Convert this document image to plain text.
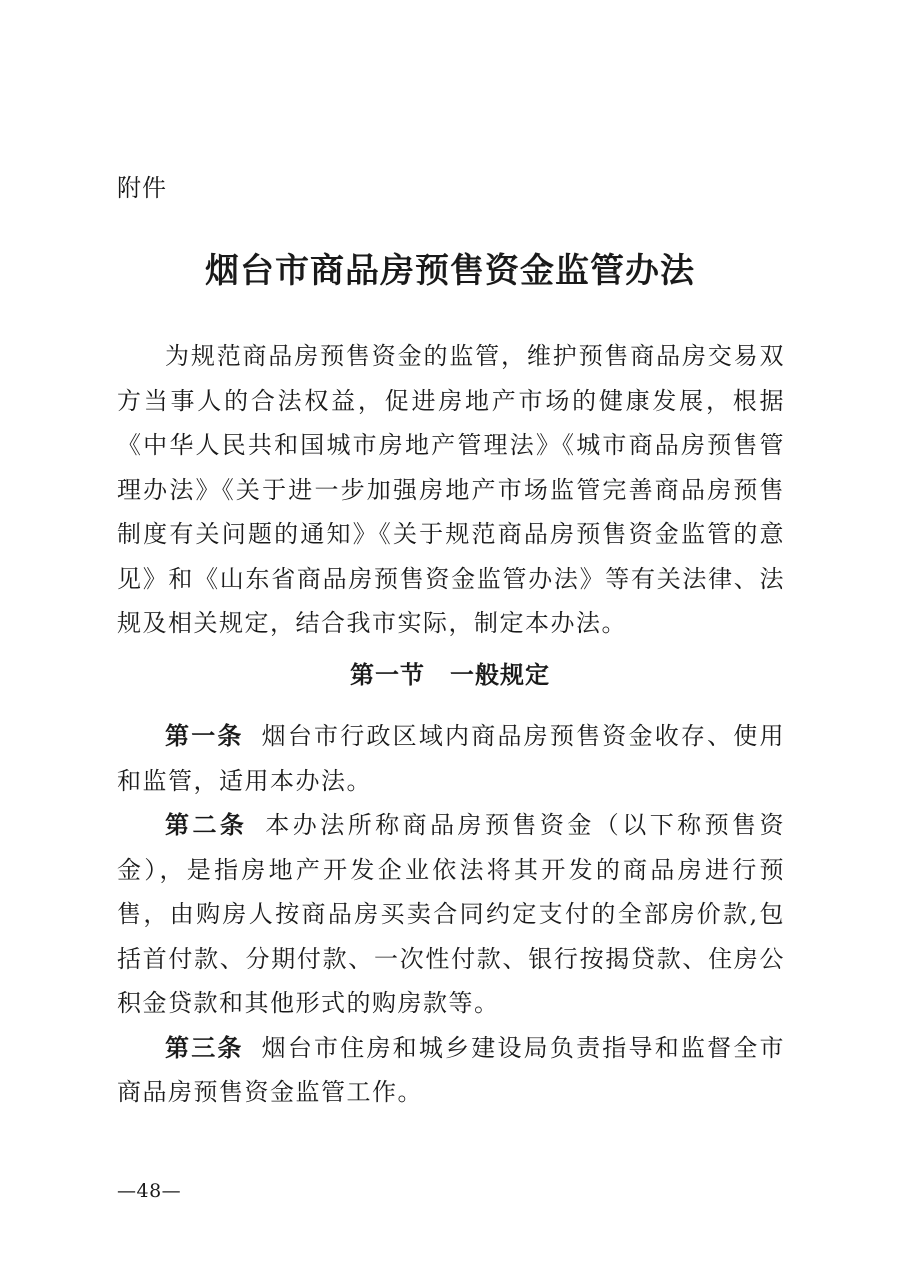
附件
烟台市商品房预售资金监管办法
为规范商品房预售资金的监管，维护预售商品房交易双方当事人的合法权益，促进房地产市场的健康发展，根据《中华人民共和国城市房地产管理法》《城市商品房预售管理办法》《关于进一步加强房地产市场监管完善商品房预售制度有关问题的通知》《关于规范商品房预售资金监管的意见》和《山东省商品房预售资金监管办法》等有关法律、法规及相关规定，结合我市实际，制定本办法。
第一节　一般规定

第一条 烟台市行政区域内商品房预售资金收存、使用和监管，适用本办法。

第二条 本办法所称商品房预售资金（以下称预售资金），是指房地产开发企业依法将其开发的商品房进行预售，由购房人按商品房买卖合同约定支付的全部房价款,包括首付款、分期付款、一次性付款、银行按揭贷款、住房公积金贷款和其他形式的购房款等。

第三条 烟台市住房和城乡建设局负责指导和监督全市商品房预售资金监管工作。

—48—
